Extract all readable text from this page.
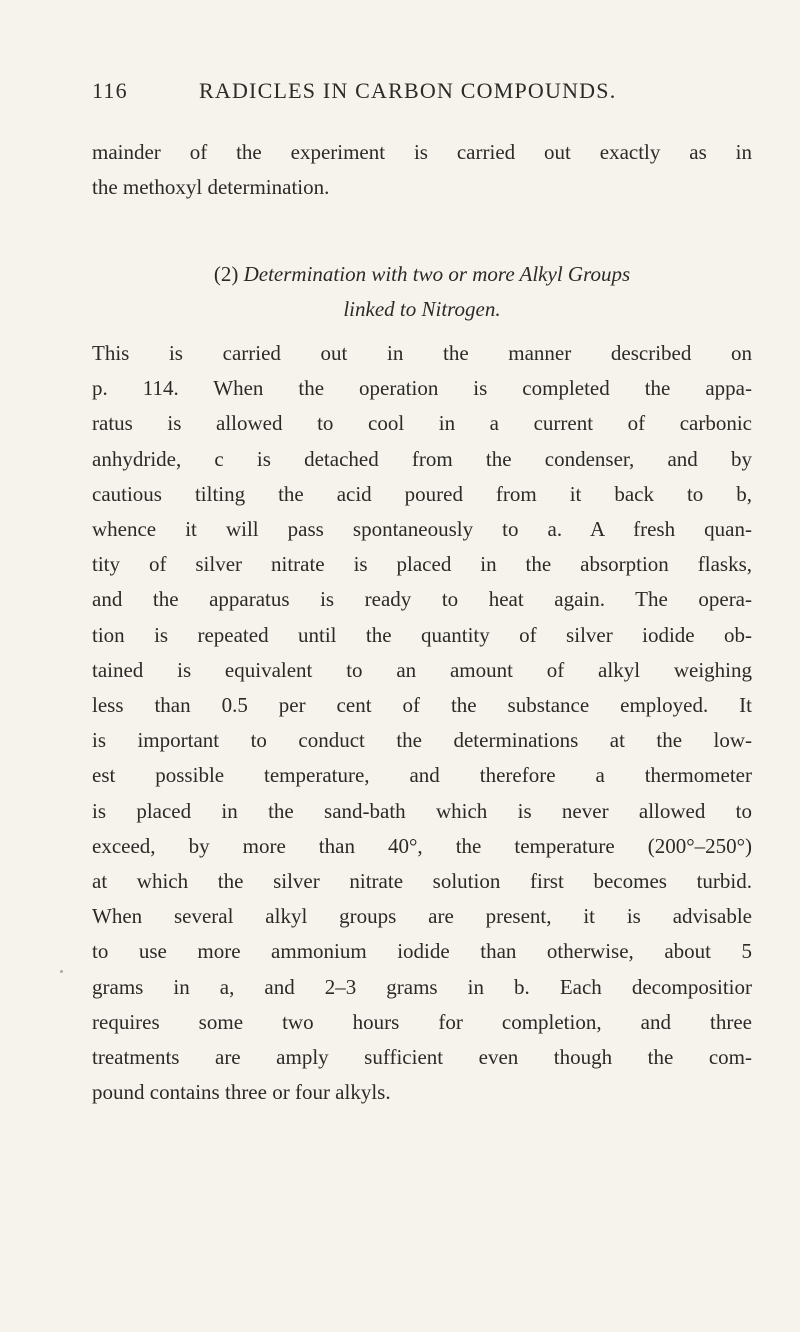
116	RADICLES IN CARBON COMPOUNDS.
mainder of the experiment is carried out exactly as in
the methoxyl determination.
(2) Determination with two or more Alkyl Groups
linked to Nitrogen.
This is carried out in the manner described on
p. 114. When the operation is completed the appa-
ratus is allowed to cool in a current of carbonic
anhydride, c is detached from the condenser, and by
cautious tilting the acid poured from it back to b,
whence it will pass spontaneously to a. A fresh quan-
tity of silver nitrate is placed in the absorption flasks,
and the apparatus is ready to heat again. The opera-
tion is repeated until the quantity of silver iodide ob-
tained is equivalent to an amount of alkyl weighing
less than 0.5 per cent of the substance employed. It
is important to conduct the determinations at the low-
est possible temperature, and therefore a thermometer
is placed in the sand-bath which is never allowed to
exceed, by more than 40°, the temperature (200°–250°)
at which the silver nitrate solution first becomes turbid.
When several alkyl groups are present, it is advisable
to use more ammonium iodide than otherwise, about 5
grams in a, and 2–3 grams in b. Each decompositior
requires some two hours for completion, and three
treatments are amply sufficient even though the com-
pound contains three or four alkyls.
